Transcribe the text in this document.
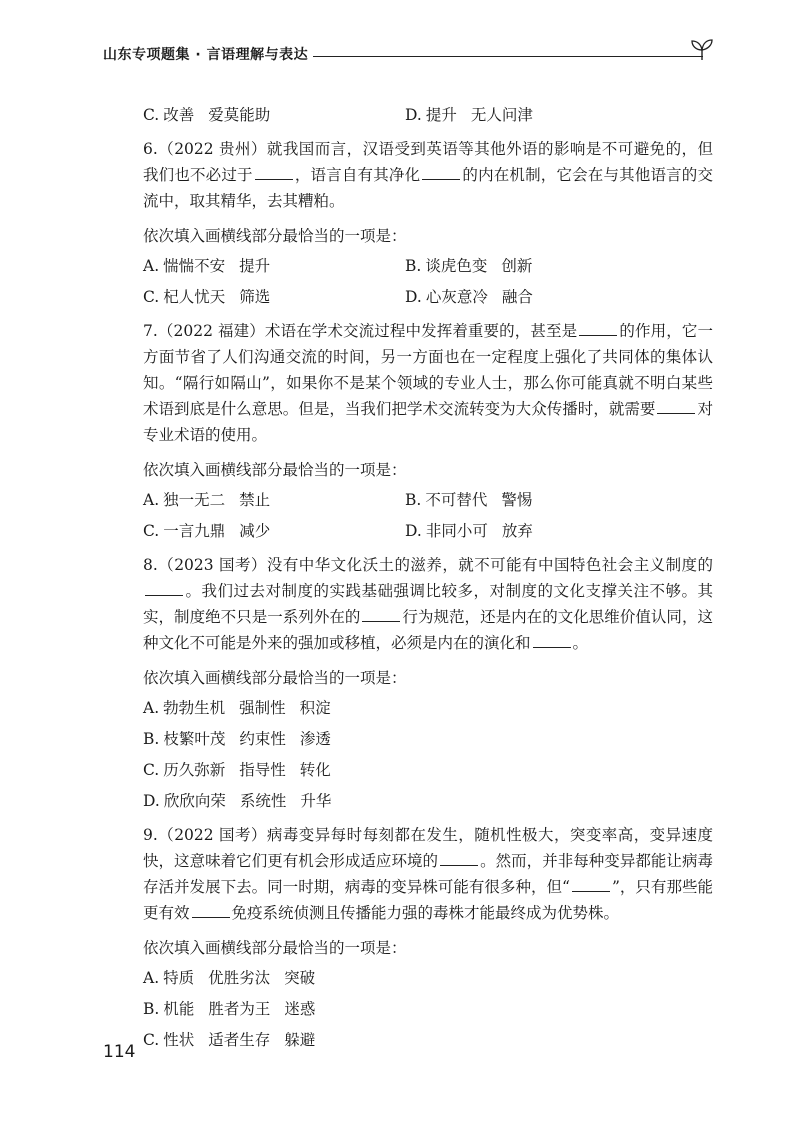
山东专项题集 · 言语理解与表达
C. 改善 爱莫能助	D. 提升 无人问津

6.（2022 贵州）就我国而言，汉语受到英语等其他外语的影响是不可避免的，但我们也不必过于	，语言自有其净化	的内在机制，它会在与其他语言的交流中，取其精华，去其糟粕。

依次填入画横线部分最恰当的一项是：

A. 惴惴不安 提升	B. 谈虎色变 创新
C. 杞人忧天 筛选	D. 心灰意冷 融合

7.（2022 福建）术语在学术交流过程中发挥着重要的，甚至是	的作用，它一方面节省了人们沟通交流的时间，另一方面也在一定程度上强化了共同体的集体认知。“隔行如隔山”，如果你不是某个领域的专业人士，那么你可能真就不明白某些术语到底是什么意思。但是，当我们把学术交流转变为大众传播时，就需要	对专业术语的使用。

依次填入画横线部分最恰当的一项是：

A. 独一无二 禁止	B. 不可替代 警惕
C. 一言九鼎 减少	D. 非同小可 放弃

8.（2023 国考）没有中华文化沃土的滋养，就不可能有中国特色社会主义制度的。我们过去对制度的实践基础强调比较多，对制度的文化支撑关注不够。其实，制度绝不只是一系列外在的	行为规范，还是内在的文化思维价值认同，这种文化不可能是外来的强加或移植，必须是内在的演化和	。

依次填入画横线部分最恰当的一项是：

A. 勃勃生机 强制性 积淀
B. 枝繁叶茂 约束性 渗透
C. 历久弥新 指导性 转化
D. 欣欣向荣 系统性 升华

9.（2022 国考）病毒变异每时每刻都在发生，随机性极大，突变率高，变异速度快，这意味着它们更有机会形成适应环境的	。然而，并非每种变异都能让病毒存活并发展下去。同一时期，病毒的变异株可能有很多种，但“	”，只有那些能更有效	免疫系统侦测且传播能力强的毒株才能最终成为优势株。

依次填入画横线部分最恰当的一项是：

A. 特质 优胜劣汰 突破
B. 机能 胜者为王 迷惑
C. 性状 适者生存 躲避
114
